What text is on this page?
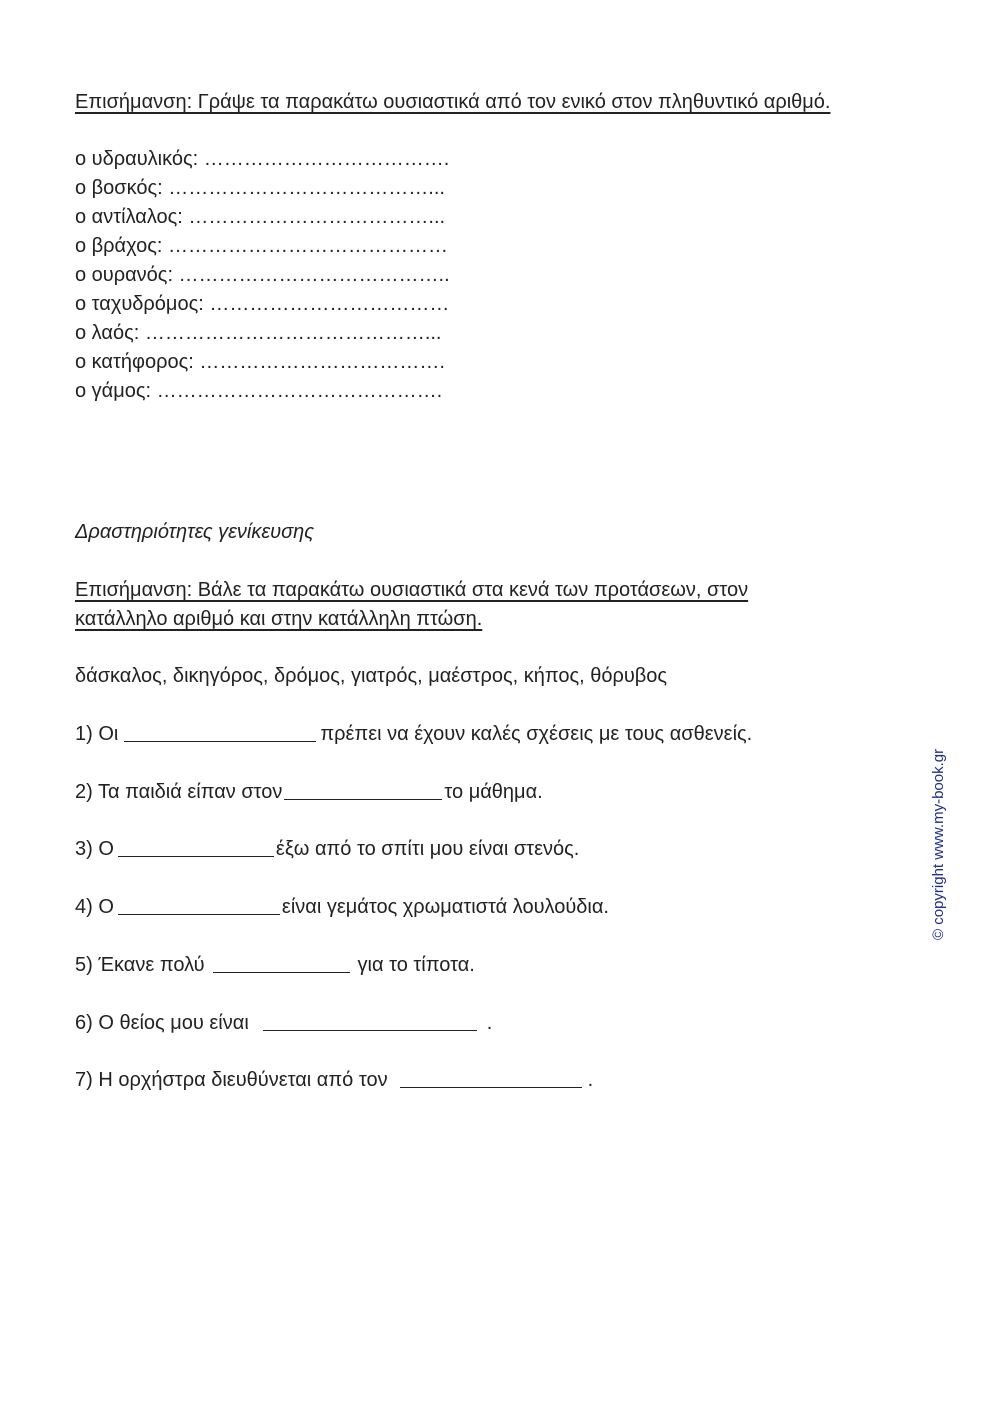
Επισήμανση: Γράψε τα παρακάτω ουσιαστικά από τον ενικό στον πληθυντικό αριθμό.
ο υδραυλικός: ……………………………….
ο βοσκός: …………………………………...
ο αντίλαλος: ………………………………...
ο βράχος: ……………………………………
ο ουρανός: …………………………………..
ο ταχυδρόμος: ………………………………
ο λαός: ……………………………………...
ο κατήφορος: ……………………………….
ο γάμος: …………………………………….
Δραστηριότητες γενίκευσης
Επισήμανση: Βάλε τα παρακάτω ουσιαστικά στα κενά των προτάσεων, στον
κατάλληλο αριθμό και στην κατάλληλη πτώση.
δάσκαλος, δικηγόρος, δρόμος, γιατρός, μαέστρος, κήπος, θόρυβος
1) Οι	πρέπει να έχουν καλές σχέσεις με τους ασθενείς.
2) Τα παιδιά είπαν στον	το μάθημα.
3) Ο	έξω από το σπίτι μου είναι στενός.
4) Ο	είναι γεμάτος χρωματιστά λουλούδια.
5) Έκανε πολύ	για το τίποτα.
6) Ο θείος μου είναι	.
7) Η ορχήστρα διευθύνεται από τον	.
© copyright www.my-book.gr
